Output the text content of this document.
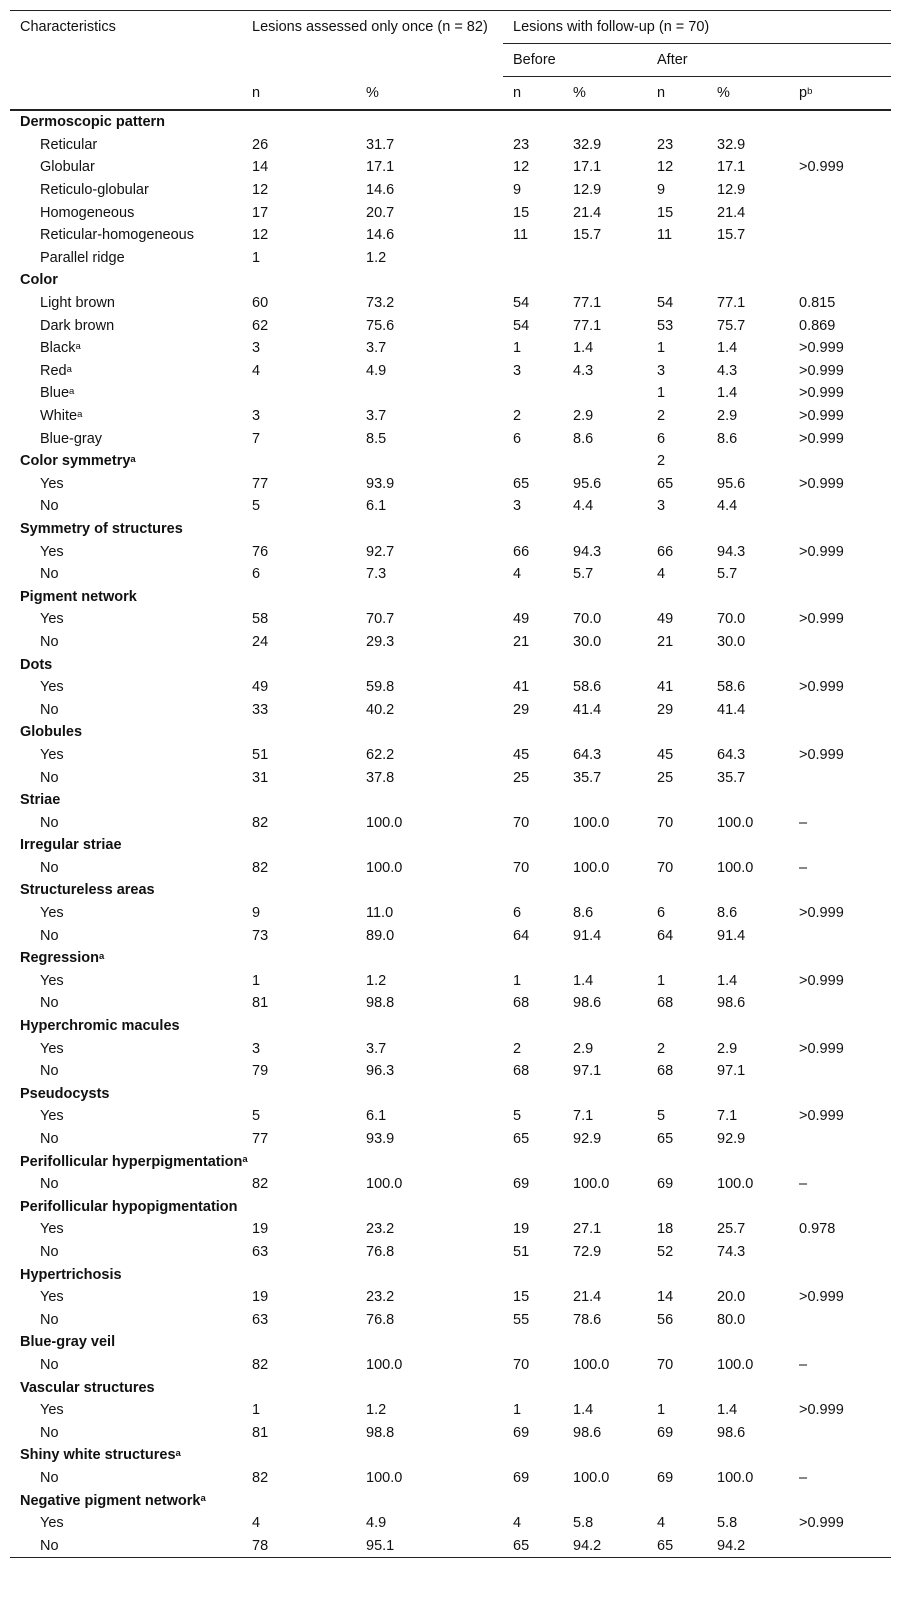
Characteristics	Lesions assessed only once (n = 82)		Lesions with follow-up (n = 70)				
			Before		After		
	n	%	n	%	n	%	$p^b$
Dermoscopic pattern							
Reticular	26	31.7	23	32.9	23	32.9	
Globular	14	17.1	12	17.1	12	17.1	>0.999
Reticulo-globular	12	14.6	9	12.9	9	12.9	
Homogeneous	17	20.7	15	21.4	15	21.4	
Reticular-homogeneous	12	14.6	11	15.7	11	15.7	
Parallel ridge	1	1.2					
Color							
Light brown	60	73.2	54	77.1	54	77.1	0.815
Dark brown	62	75.6	54	77.1	53	75.7	0.869
Black$^a$	3	3.7	1	1.4	1	1.4	>0.999
Red$^a$	4	4.9	3	4.3	3	4.3	>0.999
Blue$^a$					1	1.4	>0.999
White$^a$	3	3.7	2	2.9	2	2.9	>0.999
Blue-gray	7	8.5	6	8.6	6	8.6	>0.999
Color symmetry$^a$					2		
Yes	77	93.9	65	95.6	65	95.6	>0.999
No	5	6.1	3	4.4	3	4.4	
Symmetry of structures							
Yes	76	92.7	66	94.3	66	94.3	>0.999
No	6	7.3	4	5.7	4	5.7	
Pigment network							
Yes	58	70.7	49	70.0	49	70.0	>0.999
No	24	29.3	21	30.0	21	30.0	
Dots							
Yes	49	59.8	41	58.6	41	58.6	>0.999
No	33	40.2	29	41.4	29	41.4	
Globules							
Yes	51	62.2	45	64.3	45	64.3	>0.999
No	31	37.8	25	35.7	25	35.7	
Striae							
No	82	100.0	70	100.0	70	100.0	–
Irregular striae							
No	82	100.0	70	100.0	70	100.0	–
Structureless areas							
Yes	9	11.0	6	8.6	6	8.6	>0.999
No	73	89.0	64	91.4	64	91.4	
Regression$^a$							
Yes	1	1.2	1	1.4	1	1.4	>0.999
No	81	98.8	68	98.6	68	98.6	
Hyperchromic macules							
Yes	3	3.7	2	2.9	2	2.9	>0.999
No	79	96.3	68	97.1	68	97.1	
Pseudocysts							
Yes	5	6.1	5	7.1	5	7.1	>0.999
No	77	93.9	65	92.9	65	92.9	
Perifollicular hyperpigmentation$^a$							
No	82	100.0	69	100.0	69	100.0	–
Perifollicular hypopigmentation							
Yes	19	23.2	19	27.1	18	25.7	0.978
No	63	76.8	51	72.9	52	74.3	
Hypertrichosis							
Yes	19	23.2	15	21.4	14	20.0	>0.999
No	63	76.8	55	78.6	56	80.0	
Blue-gray veil							
No	82	100.0	70	100.0	70	100.0	–
Vascular structures							
Yes	1	1.2	1	1.4	1	1.4	>0.999
No	81	98.8	69	98.6	69	98.6	
Shiny white structures$^a$							
No	82	100.0	69	100.0	69	100.0	–
Negative pigment network$^a$							
Yes	4	4.9	4	5.8	4	5.8	>0.999
No	78	95.1	65	94.2	65	94.2	
